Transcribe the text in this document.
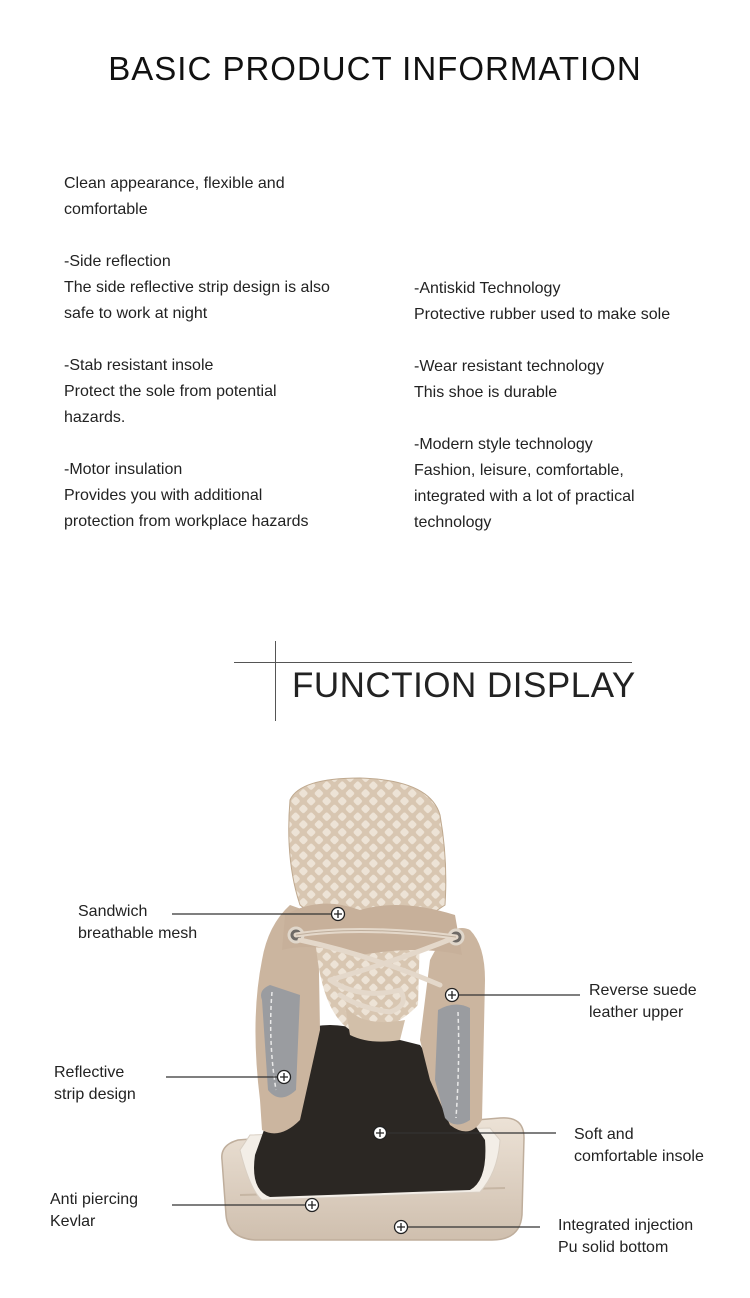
BASIC PRODUCT INFORMATION

Clean appearance, flexible and

comfortable

-Side reflection

The side reflective strip design is also

safe to work at night

-Stab resistant insole

Protect the sole from potential

hazards.

-Motor insulation

Provides you with additional

protection from workplace hazards

-Antiskid Technology

Protective rubber used to make sole

-Wear resistant technology

This shoe is durable

-Modern style technology

Fashion, leisure, comfortable,

integrated with a lot of practical

technology

FUNCTION DISPLAY

Sandwich

breathable mesh

Reverse suede

leather upper

Reflective

strip design

Soft and

comfortable insole

Anti piercing

Kevlar	Integrated injection

Pu solid bottom
